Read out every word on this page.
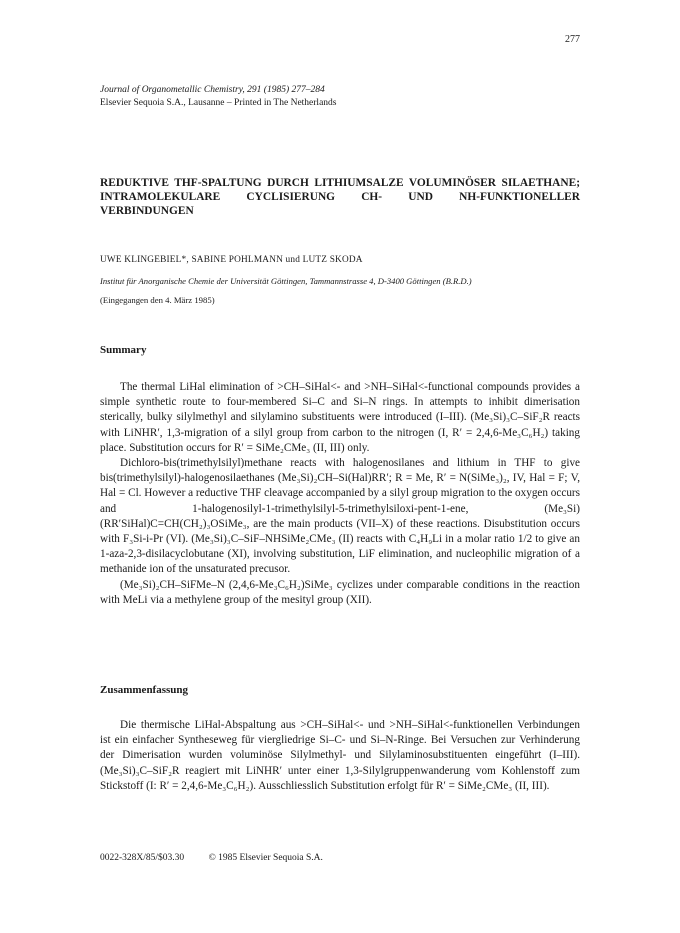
277
Journal of Organometallic Chemistry, 291 (1985) 277–284
Elsevier Sequoia S.A., Lausanne – Printed in The Netherlands
REDUKTIVE THF-SPALTUNG DURCH LITHIUMSALZE VOLUMINÖSER SILAETHANE; INTRAMOLEKULARE CYCLISIERUNG CH- UND NH-FUNKTIONELLER VERBINDUNGEN
UWE KLINGEBIEL*, SABINE POHLMANN und LUTZ SKODA
Institut für Anorganische Chemie der Universität Göttingen, Tammannstrasse 4, D-3400 Göttingen (B.R.D.)
(Eingegangen den 4. März 1985)
Summary

The thermal LiHal elimination of >CH–SiHal<- and >NH–SiHal<-functional compounds provides a simple synthetic route to four-membered Si–C and Si–N rings. In attempts to inhibit dimerisation sterically, bulky silylmethyl and silylamino substituents were introduced (I–III). (Me₃Si)₃C–SiF₂R reacts with LiNHR′, 1,3-migration of a silyl group from carbon to the nitrogen (I, R′ = 2,4,6-Me₃C₆H₂) taking place. Substitution occurs for R′ = SiMe₂CMe₃ (II, III) only.

Dichloro-bis(trimethylsilyl)methane reacts with halogenosilanes and lithium in THF to give bis(trimethylsilyl)-halogenosilaethanes (Me₃Si)₂CH–Si(Hal)RR′; R = Me, R′ = N(SiMe₃)₂, IV, Hal = F; V, Hal = Cl. However a reductive THF cleavage accompanied by a silyl group migration to the oxygen occurs and 1-halogenosilyl-1-trimethylsilyl-5-trimethylsiloxi-pent-1-ene, (Me₃Si)(RR′SiHal)C=CH(CH₂)₃OSiMe₃, are the main products (VII–X) of these reactions. Disubstitution occurs with F₃Si-i-Pr (VI). (Me₃Si)₃C–SiF–NHSiMe₂CMe₃ (II) reacts with C₄H₉Li in a molar ratio 1/2 to give an 1-aza-2,3-disilacyclobutane (XI), involving substitution, LiF elimination, and nucleophilic migration of a methanide ion of the unsaturated precusor.

(Me₃Si)₂CH–SiFMe–N (2,4,6-Me₃C₆H₂)SiMe₃ cyclizes under comparable conditions in the reaction with MeLi via a methylene group of the mesityl group (XII).

Zusammenfassung

Die thermische LiHal-Abspaltung aus >CH–SiHal<- und >NH–SiHal<-funktionellen Verbindungen ist ein einfacher Syntheseweg für viergliedrige Si–C- und Si–N-Ringe. Bei Versuchen zur Verhinderung der Dimerisation wurden voluminöse Silylmethyl- und Silylaminosubstituenten eingeführt (I–III). (Me₃Si)₃C–SiF₂R reagiert mit LiNHR′ unter einer 1,3-Silylgruppenwanderung vom Kohlenstoff zum Stickstoff (I: R′ = 2,4,6-Me₃C₆H₂). Ausschliesslich Substitution erfolgt für R′ = SiMe₂CMe₃ (II, III).

0022-328X/85/$03.30	© 1985 Elsevier Sequoia S.A.
